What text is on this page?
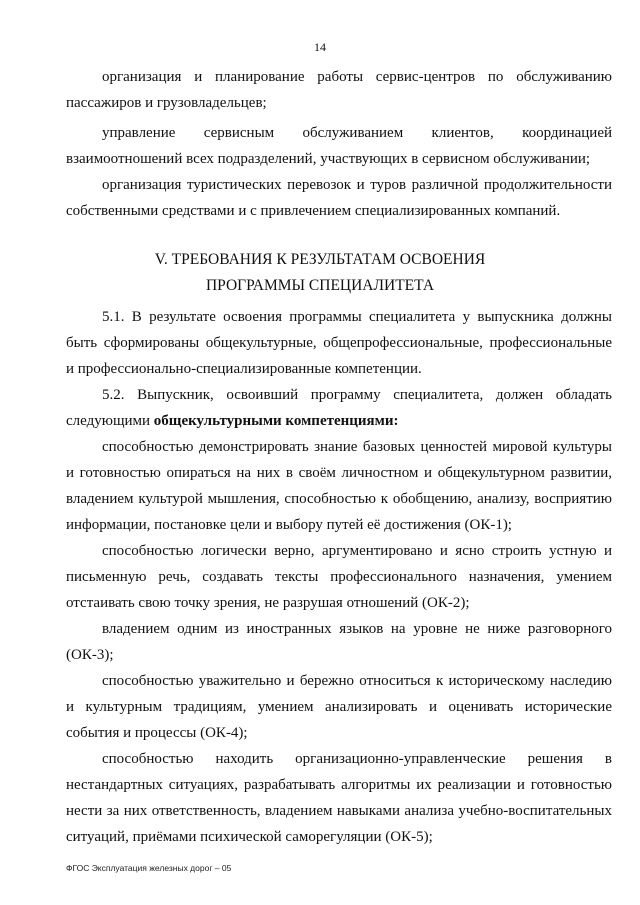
14

организация и планирование работы сервис-центров по обслуживанию пассажиров и грузовладельцев;

управление сервисным обслуживанием клиентов, координацией взаимоотношений всех подразделений, участвующих в сервисном обслуживании;

организация туристических перевозок и туров различной продолжительности собственными средствами и с привлечением специализированных компаний.

V. ТРЕБОВАНИЯ К РЕЗУЛЬТАТАМ ОСВОЕНИЯ

ПРОГРАММЫ СПЕЦИАЛИТЕТА

5.1. В результате освоения программы специалитета у выпускника должны быть сформированы общекультурные, общепрофессиональные, профессиональные и профессионально-специализированные компетенции.

5.2. Выпускник, освоивший программу специалитета, должен обладать следующими общекультурными компетенциями:

способностью демонстрировать знание базовых ценностей мировой культуры и готовностью опираться на них в своём личностном и общекультурном развитии, владением культурой мышления, способностью к обобщению, анализу, восприятию информации, постановке цели и выбору путей её достижения (ОК-1);

способностью логически верно, аргументировано и ясно строить устную и письменную речь, создавать тексты профессионального назначения, умением отстаивать свою точку зрения, не разрушая отношений (ОК-2);

владением одним из иностранных языков на уровне не ниже разговорного (ОК-3);

способностью уважительно и бережно относиться к историческому наследию и культурным традициям, умением анализировать и оценивать исторические события и процессы (ОК-4);

способностью находить организационно-управленческие решения в нестандартных ситуациях, разрабатывать алгоритмы их реализации и готовностью нести за них ответственность, владением навыками анализа учебно-воспитательных ситуаций, приёмами психической саморегуляции (ОК-5);

ФГОС Эксплуатация железных дорог – 05
